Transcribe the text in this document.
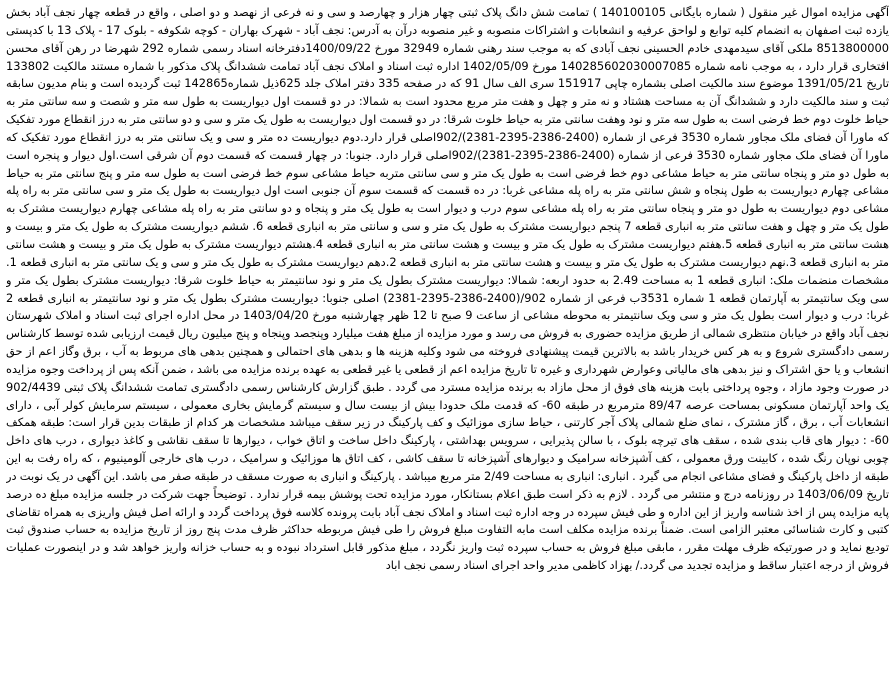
آگهی مزایده اموال غیر منقول ( شماره بایگانی 140100105 ) تمامت شش دانگ پلاک ثبتی چهار هزار و چهارصد و سی و نه فرعی از نهصد و دو اصلی ، واقع در قطعه چهار نجف آباد بخش یازده ثبت اصفهان به انضمام کلیه توابع و لواحق عرفیه و انشعابات و اشتراکات منصوبه و غیر منصوبه درآن به آدرس: نجف آباد - شهرک بهاران - کوچه شکوفه - بلوک 17 - پلاک 13 با کدپستی 8513800000 ملکی آقای سیدمهدی خادم الحسینی نجف آبادی که به موجب سند رهنی شماره 32949 مورخ 1400/09/22دفترخانه اسناد رسمی شماره 292 شهرضا در رهن آقای محسن افتخاری قرار دارد ، به موجب نامه شماره 140285602030007085 مورخ 1402/05/09 اداره ثبت اسناد و املاک نجف آباد تمامت ششدانگ پلاک مذکور با شماره مستند مالکیت 133802 تاریخ 1391/05/21 موضوع سند مالکیت اصلی بشماره چاپی 151917 سری الف سال 91 که در صفحه 335 دفتر املاک جلد 625ذیل شماره142865 ثبت گردیده است و بنام مدیون سابقه ثبت و سند مالکیت دارد و ششدانگ آن به مساحت هشتاد و نه متر و چهل و هفت متر مربع محدود است به شمالا: در دو قسمت اول دیواریست به طول سه متر و شصت و سه سانتی متر به حیاط خلوت دوم خط فرضی است به طول سه متر و نود وهفت سانتی متر به حیاط خلوت شرقا: در دو قسمت اول دیواریست به طول یک متر و سی و دو سانتی متر به درز انقطاع مورد تفکیک که ماورا آن فضای ملک مجاور شماره 3530 فرعی از شماره (2400-2386-2395-2381)/902اصلی قرار دارد.دوم دیواریست ده متر و سی و یک سانتی متر به درز انقطاع مورد تفکیک که ماورا آن فضای ملک مجاور شماره 3530 فرعی از شماره (2400-2386-2395-2381)/902اصلی قرار دارد. جنوبا: در چهار قسمت که قسمت دوم آن شرقی است.اول دیوار و پنجره است به طول دو متر و پنجاه سانتی متر به حیاط مشاعی دوم خط فرضی است به طول یک متر و سی سانتی متربه حیاط مشاعی سوم خط فرضی است به طول سه متر و پنج سانتی متر به حیاط مشاعی چهارم دیواریست به طول پنجاه و شش سانتی متر به راه پله مشاعی غربا: در ده قسمت که قسمت سوم آن جنوبی است اول دیواریست به طول یک متر و سی سانتی متر به راه پله مشاعی دوم دیواریست به طول دو متر و پنجاه سانتی متر به راه پله مشاعی سوم درب و دیوار است به طول یک متر و پنجاه و دو سانتی متر به راه پله مشاعی چهارم دیواریست مشترک به طول یک متر و چهل و هفت سانتی متر به انباری قطعه 7 پنجم دیواریست مشترک به طول یک متر و سی و سانتی متر به انباری قطعه 6. ششم دیواریست مشترک به طول یک متر و بیست و هشت سانتی متر به انباری قطعه 5.هفتم دیواریست مشترک به طول یک متر و بیست و هشت سانتی متر به انباری قطعه 4.هشتم دیواریست مشترک به طول یک متر و بیست و هشت سانتی متر به انباری قطعه 3.نهم دیواریست مشترک به طول یک متر و بیست و هشت سانتی متر به انباری قطعه 2.دهم دیواریست مشترک به طول یک متر و سی و یک سانتی متر به انباری قطعه 1. مشخصات منضمات ملک: انباری قطعه 1 به مساحت 2.49 به حدود اربعه: شمالا: دیواریست مشترک بطول یک متر و نود سانتیمتر به حیاط خلوت شرقا: دیواریست مشترک بطول یک متر و سی ویک سانتیمتر به آپارتمان قطعه 1 شماره 3531ب فرعی از شماره 902/(2400-2386-2395-2381) اصلی جنوبا: دیواریست مشترک بطول یک متر و نود سانتیمتر به انباری قطعه 2 غربا: درب و دیوار است بطول یک متر و سی ویک سانتیمتر به محوطه مشاعی از ساعت 9 صبح تا 12 ظهر چهارشنبه مورخ 1403/04/20 در محل اداره اجرای ثبت اسناد و املاک شهرستان نجف آباد واقع در خیابان منتظری شمالی از طریق مزایده حضوری به فروش می رسد و مورد مزایده از مبلغ هفت میلیارد وپنجصد وپنجاه و پنج میلیون ریال قیمت ارزیابی شده توسط کارشناس رسمی دادگستری شروع و به هر کس خریدار باشد به بالاترین قیمت پیشنهادی فروخته می شود وکلیه هزینه ها و بدهی های احتمالی و همچنین بدهی های مربوط به آب ، برق وگاز اعم از حق انشعاب و یا حق اشتراک و نیز بدهی های مالیاتی وعوارض شهرداری و غیره تا تاریخ مزایده اعم از قطعی یا غیر قطعی به عهده برنده مزایده می باشد ، ضمن آنکه پس از پرداخت وجوه مزایده در صورت وجود مازاد ، وجوه پرداختی بابت هزینه های فوق از محل مازاد به برنده مزایده مسترد می گردد . طبق گزارش کارشناس رسمی دادگستری تمامت ششدانگ پلاک ثبتی 902/4439 یک واحد آپارتمان مسکونی بمساحت عرصه 89/47 مترمربع در طبقه 60- که قدمت ملک حدودا بیش از بیست سال و سیستم گرمایش بخاری معمولی ، سیستم سرمایش کولر آبی ، دارای انشعابات آب ، برق ، گاز مشترک ، نمای ضلع شمالی پلاک آجر کارتنی ، حیاط سازی موزائیک و کف پارکینگ در زیر سقف میباشد مشخصات هر کدام از طبقات بدین قرار است: طبقه همکف 60- : دیوار های قاب بندی شده ، سقف های تیرچه بلوک ، با سالن پذیرایی ، سرویس بهداشتی ، پارکینگ داخل ساخت و اتاق خواب ، دیوارها تا سقف نقاشی و کاغذ دیواری ، درب های داخل چوبی نوپان رنگ شده ، کابینت ورق معمولی ، کف آشپزخانه سرامیک و دیوارهای آشپزخانه تا سقف کاشی ، کف اتاق ها موزائیک و سرامیک ، درب های خارجی آلومینیوم ، که راه رفت به این طبقه از داخل پارکینگ و فضای مشاعی انجام می گیرد . انباری: انباری به مساحت 2/49 متر مربع میباشد . پارکینگ و انباری به صورت مسقف در طبقه صفر می باشد. این آگهی در یک نوبت در تاریخ 1403/06/09 در روزنامه درج و منتشر می گردد . لازم به ذکر است طبق اعلام بستانکار، مورد مزایده تحت پوشش بیمه قرار ندارد . توضیحاً جهت شرکت در جلسه مزایده مبلغ ده درصد پایه مزایده پس از اخذ شناسه واریز از این اداره و طی فیش سپرده در وجه اداره ثبت اسناد و املاک نجف آباد بابت پرونده کلاسه فوق پرداخت گردد و ارائه اصل فیش واریزی به همراه تقاضای کتبی و کارت شناسائی معتبر الزامی است. ضمناً برنده مزایده مکلف است مابه التفاوت مبلغ فروش را طی فیش مربوطه حداکثر ظرف مدت پنج روز از تاریخ مزایده به حساب صندوق ثبت تودیع نماید و در صورتیکه ظرف مهلت مقرر ، مابقی مبلغ فروش به حساب سپرده ثبت واریز نگردد ، مبلغ مذکور قابل استرداد نبوده و به حساب خزانه واریز خواهد شد و در اینصورت عملیات فروش از درجه اعتبار ساقط و مزایده تجدید می گردد./ بهزاد کاظمی مدیر واحد اجرای اسناد رسمی نجف اباد
